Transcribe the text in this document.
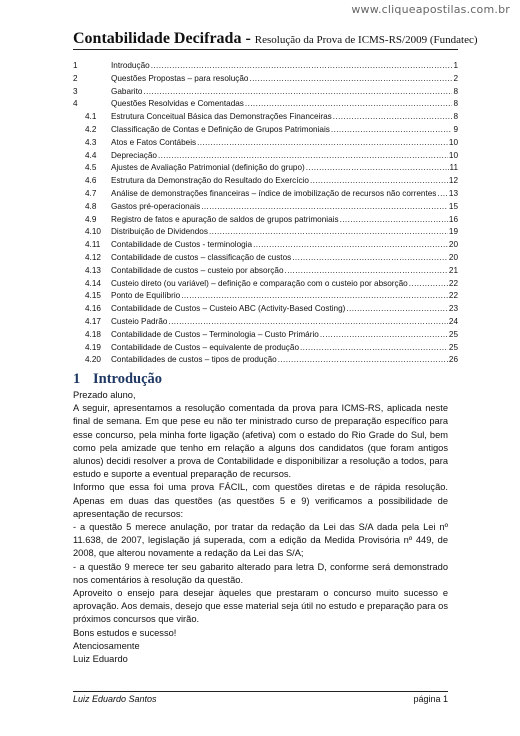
www.cliqueapostilas.com.br
Contabilidade Decifrada - Resolução da Prova de ICMS-RS/2009 (Fundatec)
1	Introdução .....	1
2	Questões Propostas – para resolução .....	2
3	Gabarito .....	8
4	Questões Resolvidas e Comentadas .....	8
4.1	Estrutura Conceitual Básica das Demonstrações Financeiras .....	8
4.2	Classificação de Contas e Definição de Grupos Patrimoniais .....	9
4.3	Atos e Fatos Contábeis .....	10
4.4	Depreciação .....	10
4.5	Ajustes de Avaliação Patrimonial (definição do grupo) .....	11
4.6	Estrutura da Demonstração do Resultado do Exercício .....	12
4.7	Análise de demonstrações financeiras – índice de imobilização de recursos não correntes ..... 13
4.8	Gastos pré-operacionais .....	15
4.9	Registro de fatos e apuração de saldos de grupos patrimoniais .....	16
4.10	Distribuição de Dividendos .....	19
4.11	Contabilidade de Custos - terminologia .....	20
4.12	Contabilidade de custos – classificação de custos .....	20
4.13	Contabilidade de custos – custeio por absorção .....	21
4.14	Custeio direto (ou variável) – definição e comparação com o custeio por absorção .....	22
4.15	Ponto de Equilíbrio .....	22
4.16	Contabilidade de Custos – Custeio ABC (Activity-Based Costing) .....	23
4.17	Custeio Padrão .....	24
4.18	Contabilidade de Custos – Terminologia – Custo Primário .....	25
4.19	Contabilidade de Custos – equivalente de produção .....	25
4.20	Contabilidades de custos – tipos de produção .....	26
1 Introdução

Prezado aluno,

A seguir, apresentamos a resolução comentada da prova para ICMS-RS, aplicada neste final de semana. Em que pese eu não ter ministrado curso de preparação específico para esse concurso, pela minha forte ligação (afetiva) com o estado do Rio Grade do Sul, bem como pela amizade que tenho em relação a alguns dos candidatos (que foram antigos alunos) decidi resolver a prova de Contabilidade e disponibilizar a resolução a todos, para estudo e suporte a eventual preparação de recursos.

Informo que essa foi uma prova FÁCIL, com questões diretas e de rápida resolução. Apenas em duas das questões (as questões 5 e 9) verificamos a possibilidade de apresentação de recursos:

- a questão 5 merece anulação, por tratar da redação da Lei das S/A dada pela Lei nº 11.638, de 2007, legislação já superada, com a edição da Medida Provisória nº 449, de 2008, que alterou novamente a redação da Lei das S/A;

- a questão 9 merece ter seu gabarito alterado para letra D, conforme será demonstrado nos comentários à resolução da questão.

Aproveito o ensejo para desejar àqueles que prestaram o concurso muito sucesso e aprovação. Aos demais, desejo que esse material seja útil no estudo e preparação para os próximos concursos que virão.

Bons estudos e sucesso!

Atenciosamente

Luiz Eduardo

Luiz Eduardo Santos	página 1
